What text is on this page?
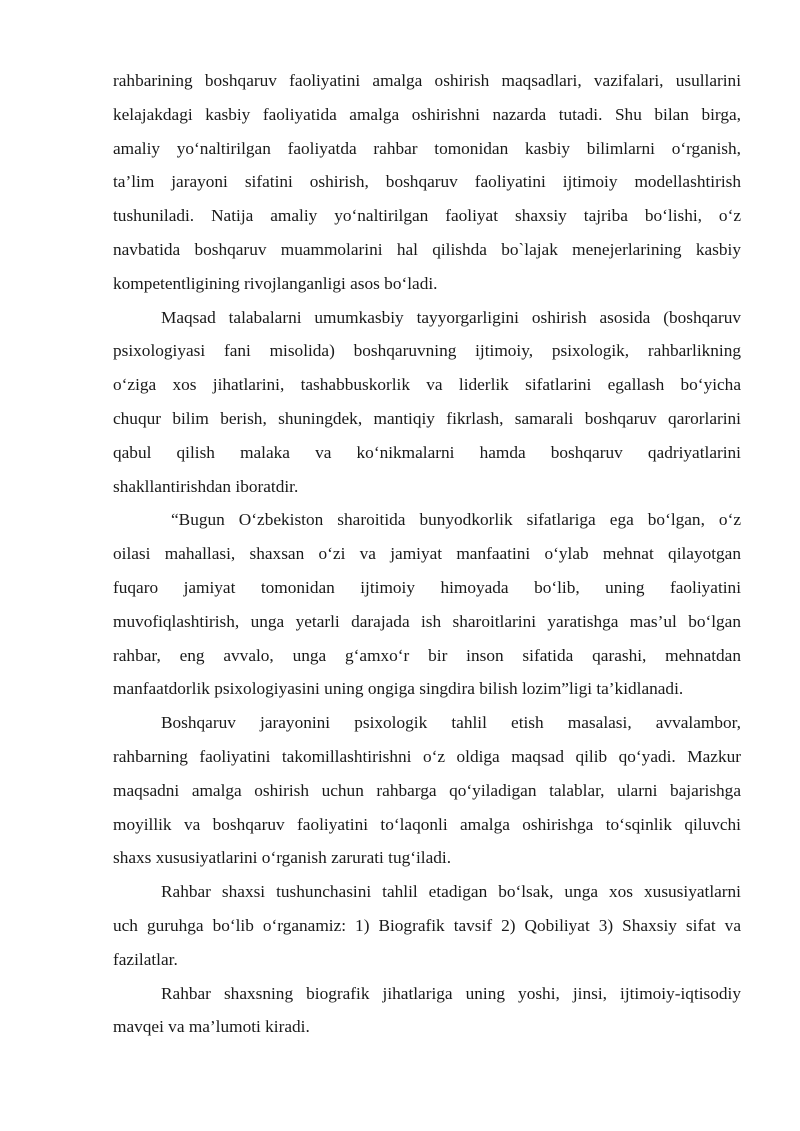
rahbarining boshqaruv faoliyatini amalga oshirish maqsadlari, vazifalari, usullarini
kelajakdagi kasbiy faoliyatida amalga oshirishni nazarda tutadi. Shu bilan birga,
amaliy yo‘naltirilgan faoliyatda rahbar tomonidan kasbiy bilimlarni o‘rganish,
ta’lim jarayoni sifatini oshirish, boshqaruv faoliyatini ijtimoiy modellashtirish
tushuniladi. Natija amaliy yo‘naltirilgan faoliyat shaxsiy tajriba bo‘lishi, o‘z
navbatida boshqaruv muammolarini hal qilishda bo`lajak menejerlarining kasbiy
kompetentligining rivojlanganligi asos bo‘ladi.
Maqsad talabalarni umumkasbiy tayyorgarligini oshirish asosida (boshqaruv
psixologiyasi fani misolida) boshqaruvning ijtimoiy, psixologik, rahbarlikning
o‘ziga xos jihatlarini, tashabbuskorlik va liderlik sifatlarini egallash bo‘yicha
chuqur bilim berish, shuningdek, mantiqiy fikrlash, samarali boshqaruv qarorlarini
qabul qilish malaka va ko‘nikmalarni hamda boshqaruv qadriyatlarini
shakllantirishdan iboratdir.
“Bugun O‘zbekiston sharoitida bunyodkorlik sifatlariga ega bo‘lgan, o‘z
oilasi mahallasi, shaxsan o‘zi va jamiyat manfaatini o‘ylab mehnat qilayotgan
fuqaro jamiyat tomonidan ijtimoiy himoyada bo‘lib, uning faoliyatini
muvofiqlashtirish, unga yetarli darajada ish sharoitlarini yaratishga mas’ul bo‘lgan
rahbar, eng avvalo, unga g‘amxo‘r bir inson sifatida qarashi, mehnatdan
manfaatdorlik psixologiyasini uning ongiga singdira bilish lozim”ligi ta’kidlanadi.
Boshqaruv jarayonini psixologik tahlil etish masalasi, avvalambor,
rahbarning faoliyatini takomillashtirishni o‘z oldiga maqsad qilib qo‘yadi. Mazkur
maqsadni amalga oshirish uchun rahbarga qo‘yiladigan talablar, ularni bajarishga
moyillik va boshqaruv faoliyatini to‘laqonli amalga oshirishga to‘sqinlik qiluvchi
shaxs xususiyatlarini o‘rganish zarurati tug‘iladi.
Rahbar shaxsi tushunchasini tahlil etadigan bo‘lsak, unga xos xususiyatlarni
uch guruhga bo‘lib o‘rganamiz: 1) Biografik tavsif 2) Qobiliyat 3) Shaxsiy sifat va
fazilatlar.
Rahbar shaxsning biografik jihatlariga uning yoshi, jinsi, ijtimoiy-iqtisodiy
mavqei va ma’lumoti kiradi.
